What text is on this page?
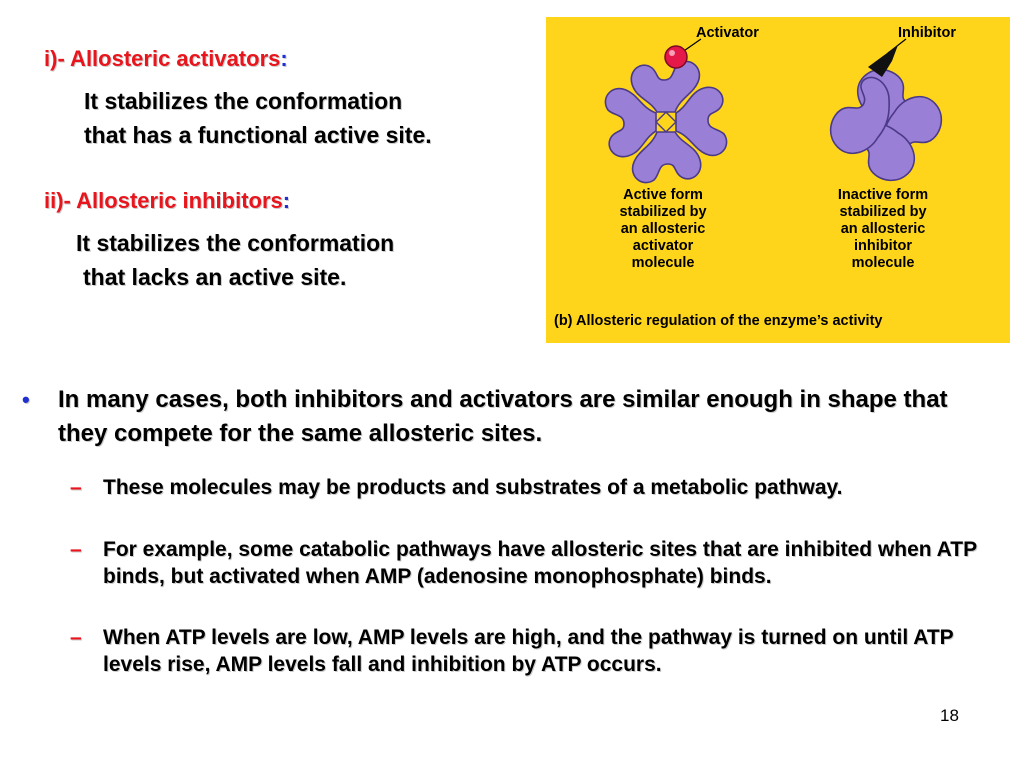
i)- Allosteric activators:
It stabilizes the conformation
that has a functional active site.
ii)- Allosteric inhibitors:
It stabilizes the conformation
that lacks an active site.
Activator	Inhibitor
Active form
stabilized by
an allosteric
activator
molecule
Inactive form
stabilized by
an allosteric
inhibitor
molecule
(b) Allosteric regulation of the enzyme’s activity
• In many cases, both inhibitors and activators are similar enough in shape that they compete for the same allosteric sites.
– These molecules may be products and substrates of a metabolic pathway.
– For example, some catabolic pathways have allosteric sites that are inhibited when ATP binds, but activated when AMP (adenosine monophosphate) binds.
– When ATP levels are low, AMP levels are high, and the pathway is turned on until ATP levels rise, AMP levels fall and inhibition by ATP occurs.
18
